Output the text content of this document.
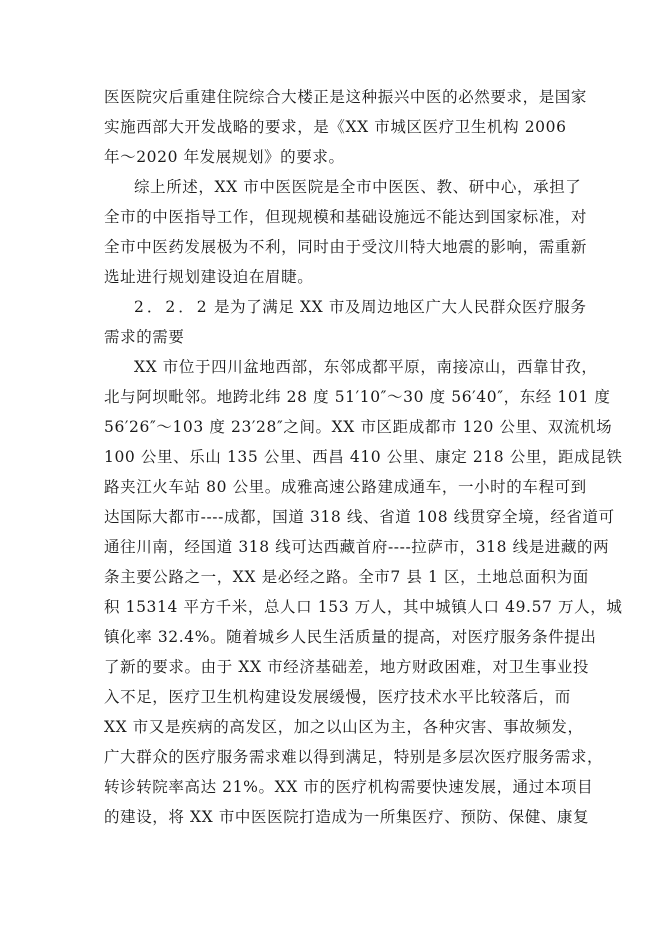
医医院灾后重建住院综合大楼正是这种振兴中医的必然要求，是国家
实施西部大开发战略的要求，是《XX 市城区医疗卫生机构 2006
年～2020 年发展规划》的要求。
综上所述，XX 市中医医院是全市中医医、教、研中心，承担了
全市的中医指导工作，但现规模和基础设施远不能达到国家标准，对
全市中医药发展极为不利，同时由于受汶川特大地震的影响，需重新
选址进行规划建设迫在眉睫。
2．2．2 是为了满足 XX 市及周边地区广大人民群众医疗服务
需求的需要
XX 市位于四川盆地西部，东邻成都平原，南接凉山，西靠甘孜，
北与阿坝毗邻。地跨北纬 28 度 51′10″～30 度 56′40″，东经 101 度
56′26″～103 度 23′28″之间。XX 市区距成都市 120 公里、双流机场
100 公里、乐山 135 公里、西昌 410 公里、康定 218 公里，距成昆铁
路夹江火车站 80 公里。成雅高速公路建成通车，一小时的车程可到
达国际大都市----成都，国道 318 线、省道 108 线贯穿全境，经省道可
通往川南，经国道 318 线可达西藏首府----拉萨市，318 线是进藏的两
条主要公路之一，XX 是必经之路。全市7 县 1 区，土地总面积为面
积 15314 平方千米，总人口 153 万人，其中城镇人口 49.57 万人，城
镇化率 32.4%。随着城乡人民生活质量的提高，对医疗服务条件提出
了新的要求。由于 XX 市经济基础差，地方财政困难，对卫生事业投
入不足，医疗卫生机构建设发展缓慢，医疗技术水平比较落后，而
XX 市又是疾病的高发区，加之以山区为主，各种灾害、事故频发，
广大群众的医疗服务需求难以得到满足，特别是多层次医疗服务需求，
转诊转院率高达 21%。XX 市的医疗机构需要快速发展，通过本项目
的建设，将 XX 市中医医院打造成为一所集医疗、预防、保健、康复
